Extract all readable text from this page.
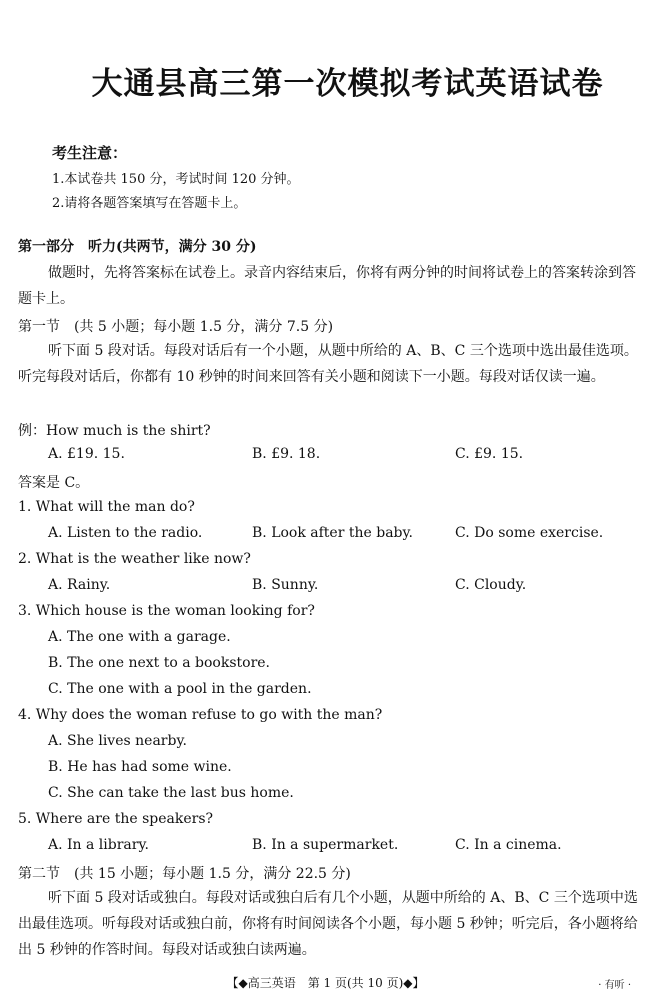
大通县高三第一次模拟考试英语试卷
考生注意：
1.本试卷共 150 分，考试时间 120 分钟。
2.请将各题答案填写在答题卡上。
第一部分　听力(共两节，满分 30 分)

做题时，先将答案标在试卷上。录音内容结束后，你将有两分钟的时间将试卷上的答案转涂到答题卡上。

第一节　(共 5 小题；每小题 1.5 分，满分 7.5 分)

听下面 5 段对话。每段对话后有一个小题，从题中所给的 A、B、C 三个选项中选出最佳选项。听完每段对话后，你都有 10 秒钟的时间来回答有关小题和阅读下一小题。每段对话仅读一遍。

例：How much is the shirt?
A. £19. 15.	B. £9. 18.	C. £9. 15.
答案是 C。
1. What will the man do?
A. Listen to the radio.	B. Look after the baby.	C. Do some exercise.
2. What is the weather like now?
A. Rainy.	B. Sunny.	C. Cloudy.
3. Which house is the woman looking for?
A. The one with a garage.
B. The one next to a bookstore.
C. The one with a pool in the garden.
4. Why does the woman refuse to go with the man?
A. She lives nearby.
B. He has had some wine.
C. She can take the last bus home.
5. Where are the speakers?
A. In a library.	B. In a supermarket.	C. In a cinema.
第二节　(共 15 小题；每小题 1.5 分，满分 22.5 分)

听下面 5 段对话或独白。每段对话或独白后有几个小题，从题中所给的 A、B、C 三个选项中选出最佳选项。听每段对话或独白前，你将有时间阅读各个小题，每小题 5 秒钟；听完后，各小题将给出 5 秒钟的作答时间。每段对话或独白读两遍。

【◆高三英语　第 1 页(共 10 页)◆】	· 有听 ·
